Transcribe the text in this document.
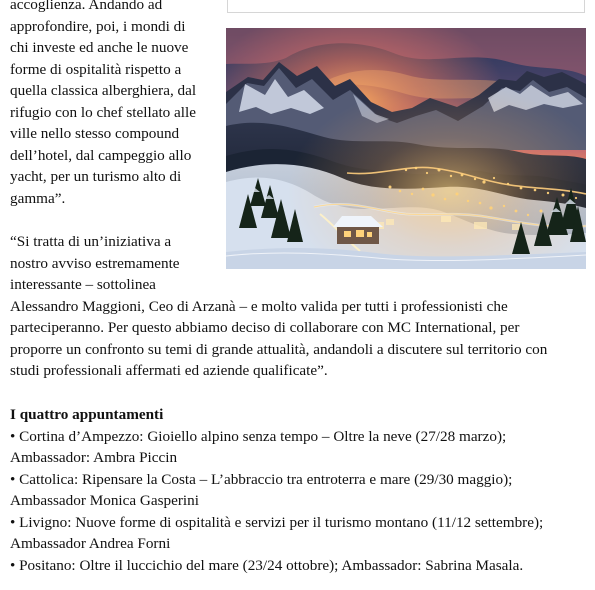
accoglienza. Andando ad
approfondire, poi, i mondi di
chi investe ed anche le nuove
forme di ospitalità rispetto a
quella classica alberghiera, dal
rifugio con lo chef stellato alle
ville nello stesso compound
dell’hotel, dal campeggio allo
yacht, per un turismo alto di
gamma”.
“Si tratta di un’iniziativa a
nostro avviso estremamente
interessante – sottolinea
Alessandro Maggioni, Ceo di Arzanà – e molto valida per tutti i professionisti che
parteciperanno. Per questo abbiamo deciso di collaborare con MC International, per
proporre un confronto su temi di grande attualità, andandoli a discutere sul territorio con
studi professionali affermati ed aziende qualificate”.
I quattro appuntamenti
• Cortina d’Ampezzo: Gioiello alpino senza tempo – Oltre la neve (27/28 marzo);
Ambassador: Ambra Piccin
• Cattolica: Ripensare la Costa – L’abbraccio tra entroterra e mare (29/30 maggio);
Ambassador Monica Gasperini
• Livigno: Nuove forme di ospitalità e servizi per il turismo montano (11/12 settembre);
Ambassador Andrea Forni
• Positano: Oltre il luccichio del mare (23/24 ottobre); Ambassador: Sabrina Masala.
